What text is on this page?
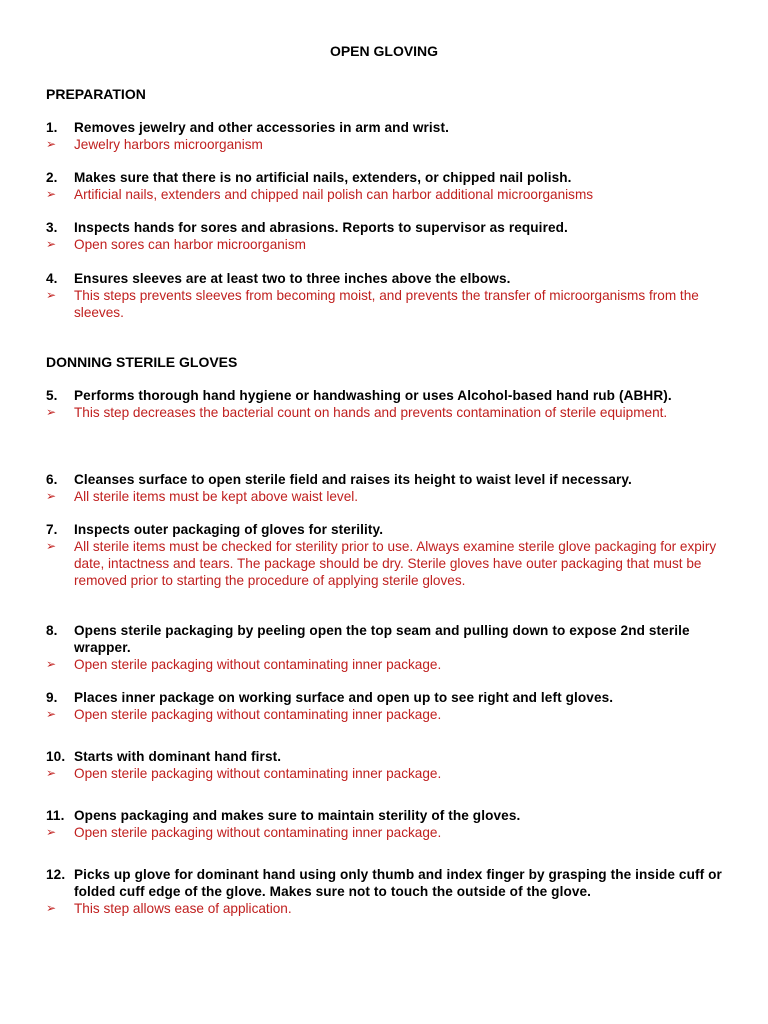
OPEN GLOVING
PREPARATION
1.	Removes jewelry and other accessories in arm and wrist.
➢	Jewelry harbors microorganism
2.	Makes sure that there is no artificial nails, extenders, or chipped nail polish.
➢	Artificial nails, extenders and chipped nail polish can harbor additional microorganisms
3.	Inspects hands for sores and abrasions. Reports to supervisor as required.
➢	Open sores can harbor microorganism
4.	Ensures sleeves are at least two to three inches above the elbows.
➢	This steps prevents sleeves from becoming moist, and prevents the transfer of microorganisms from the sleeves.
DONNING STERILE GLOVES
5.	Performs thorough hand hygiene or handwashing or uses Alcohol-based hand rub (ABHR).
➢	This step decreases the bacterial count on hands and prevents contamination of sterile equipment.
6.	Cleanses surface to open sterile field and raises its height to waist level if necessary.
➢	All sterile items must be kept above waist level.
7.	Inspects outer packaging of gloves for sterility.
➢	All sterile items must be checked for sterility prior to use. Always examine sterile glove packaging for expiry date, intactness and tears. The package should be dry. Sterile gloves have outer packaging that must be removed prior to starting the procedure of applying sterile gloves.
8.	Opens sterile packaging by peeling open the top seam and pulling down to expose 2nd sterile wrapper.
➢	Open sterile packaging without contaminating inner package.
9.	Places inner package on working surface and open up to see right and left gloves.
➢	Open sterile packaging without contaminating inner package.
10. Starts with dominant hand first.
➢	Open sterile packaging without contaminating inner package.
11. Opens packaging and makes sure to maintain sterility of the gloves.
➢	Open sterile packaging without contaminating inner package.
12. Picks up glove for dominant hand using only thumb and index finger by grasping the inside cuff or folded cuff edge of the glove. Makes sure not to touch the outside of the glove.
➢	This step allows ease of application.
